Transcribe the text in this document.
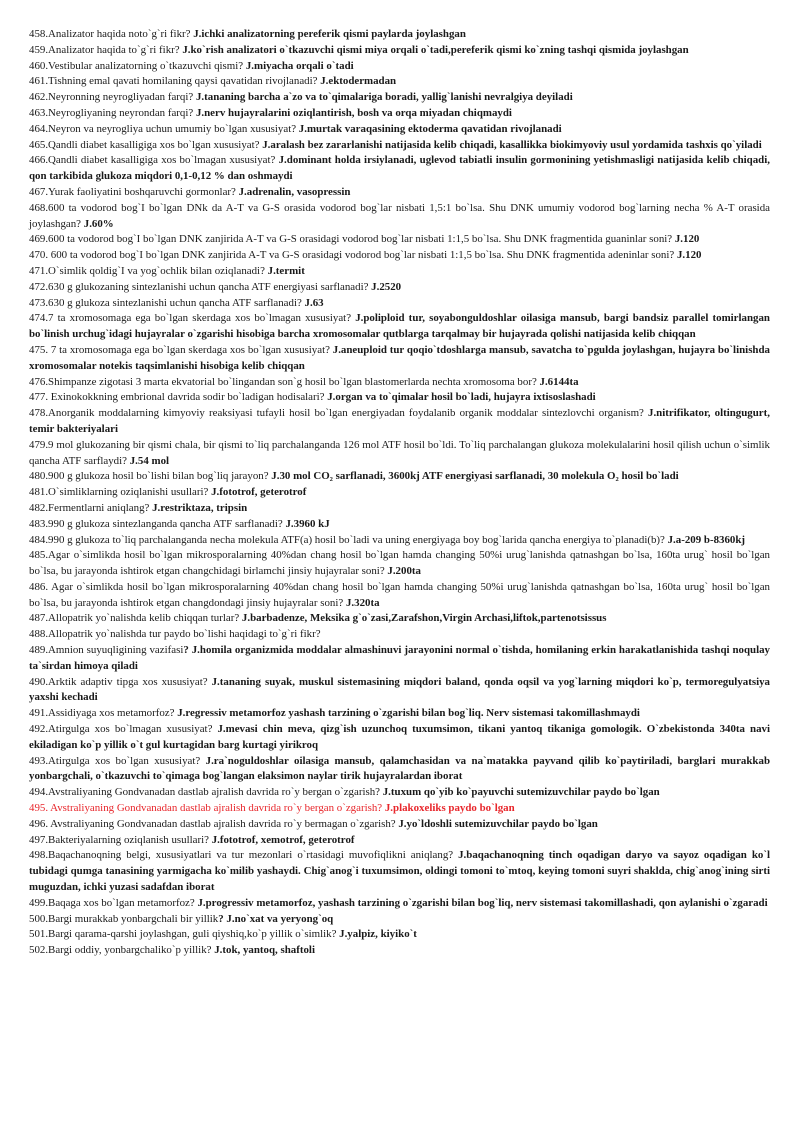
458.Analizator haqida noto`g`ri fikr? J.ichki analizatorning pereferik qismi paylarda joylashgan

459.Analizator haqida to`g`ri fikr? J.ko`rish analizatori o`tkazuvchi qismi miya orqali o`tadi,pereferik qismi ko`zning tashqi qismida joylashgan

460.Vestibular analizatorning o`tkazuvchi qismi? J.miyacha orqali o`tadi

461.Tishning emal qavati homilaning qaysi qavatidan rivojlanadi? J.ektodermadan

462.Neyronning neyrogliyadan farqi? J.tananing barcha a`zo va to`qimalariga boradi, yallig`lanishi nevralgiya deyiladi

463.Neyrogliyaning neyrondan farqi? J.nerv hujayralarini oziqlantirish, bosh va orqa miyadan chiqmaydi

464.Neyron va neyrogliya uchun umumiy bo`lgan xususiyat? J.murtak varaqasining ektoderma qavatidan rivojlanadi

465.Qandli diabet kasalligiga xos bo`lgan xususiyat? J.aralash bez zararlanishi natijasida kelib chiqadi, kasallikka biokimyoviy usul yordamida tashxis qo`yiladi

466.Qandli diabet kasalligiga xos bo`lmagan xususiyat? J.dominant holda irsiylanadi, uglevod tabiatli insulin gormonining yetishmasligi natijasida kelib chiqadi, qon tarkibida glukoza miqdori 0,1-0,12 % dan oshmaydi

467.Yurak faoliyatini boshqaruvchi gormonlar? J.adrenalin, vasopressin

468.600 ta vodorod bog`I bo`lgan DNk da A-T va G-S orasida vodorod bog`lar nisbati 1,5:1 bo`lsa. Shu DNK umumiy vodorod bog`larning necha % A-T orasida joylashgan? J.60%

469.600 ta vodorod bog`I bo`lgan DNK zanjirida A-T va G-S orasidagi vodorod bog`lar nisbati 1:1,5 bo`lsa. Shu DNK fragmentida guaninlar soni? J.120

470. 600 ta vodorod bog`I bo`lgan DNK zanjirida A-T va G-S orasidagi vodorod bog`lar nisbati 1:1,5 bo`lsa. Shu DNK fragmentida adeninlar soni? J.120

471.O`simlik qoldig`I va yog`ochlik bilan oziqlanadi? J.termit

472.630 g glukozaning sintezlanishi uchun qancha ATF energiyasi sarflanadi? J.2520

473.630 g glukoza sintezlanishi uchun qancha ATF sarflanadi? J.63

474.7 ta xromosomaga ega bo`lgan skerdaga xos bo`lmagan xususiyat? J.poliploid tur, soyabonguldoshlar oilasiga mansub, bargi bandsiz parallel tomirlangan bo`linish urchug`idagi hujayralar o`zgarishi hisobiga barcha xromosomalar qutblarga tarqalmay bir hujayrada qolishi natijasida kelib chiqqan

475. 7 ta xromosomaga ega bo`lgan skerdaga xos bo`lgan xususiyat? J.aneuploid tur qoqio`tdoshlarga mansub, savatcha to`pgulda joylashgan, hujayra bo`linishda xromosomalar notekis taqsimlanishi hisobiga kelib chiqqan

476.Shimpanze zigotasi 3 marta ekvatorial bo`lingandan son`g hosil bo`lgan blastomerlarda nechta xromosoma bor? J.6144ta

477. Exinokokkning embrional davrida sodir bo`ladigan hodisalari? J.organ va to`qimalar hosil bo`ladi, hujayra ixtisoslashadi

478.Anorganik moddalarning kimyoviy reaksiyasi tufayli hosil bo`lgan energiyadan foydalanib organik moddalar sintezlovchi organism? J.nitrifikator, oltingugurt, temir bakteriyalari

479.9 mol glukozaning bir qismi chala, bir qismi to`liq parchalanganda 126 mol ATF hosil bo`ldi. To`liq parchalangan glukoza molekulalarini hosil qilish uchun o`simlik qancha ATF sarflaydi? J.54 mol

480.900 g glukoza hosil bo`lishi bilan bog`liq jarayon? J.30 mol CO₂ sarflanadi, 3600kj ATF energiyasi sarflanadi, 30 molekula O₂ hosil bo`ladi

481.O`simliklarning oziqlanishi usullari? J.fototrof, geterotrof

482.Fermentlarni aniqlang? J.restriktaza, tripsin

483.990 g glukoza sintezlanganda qancha ATF sarflanadi? J.3960 kJ

484.990 g glukoza to`liq parchalanganda necha molekula ATF(a) hosil bo`ladi va uning energiyaga boy bog`larida qancha energiya to`planadi(b)? J.a-209 b-8360kj

485.Agar o`simlikda hosil bo`lgan mikrosporalarning 40%dan chang hosil bo`lgan hamda changing 50%i urug`lanishda qatnashgan bo`lsa, 160ta urug` hosil bo`lgan bo`lsa, bu jarayonda ishtirok etgan changchidagi birlamchi jinsiy hujayralar soni? J.200ta

486. Agar o`simlikda hosil bo`lgan mikrosporalarning 40%dan chang hosil bo`lgan hamda changing 50%i urug`lanishda qatnashgan bo`lsa, 160ta urug` hosil bo`lgan bo`lsa, bu jarayonda ishtirok etgan changdondagi jinsiy hujayralar soni? J.320ta

487.Allopatrik yo`nalishda kelib chiqqan turlar? J.barbadenze, Meksika g`o`zasi,Zarafshon,Virgin Archasi,liftok,partenotsissus

488.Allopatrik yo`nalishda tur paydo bo`lishi haqidagi to`g`ri fikr?

489.Amnion suyuqligining vazifasi? J.homila organizmida moddalar almashinuvi jarayonini normal o`tishda, homilaning erkin harakatlanishida tashqi noqulay ta`sirdan himoya qiladi

490.Arktik adaptiv tipga xos xususiyat? J.tananing suyak, muskul sistemasining miqdori baland, qonda oqsil va yog`larning miqdori ko`p, termoregulyatsiya yaxshi kechadi

491.Assidiyaga xos metamorfoz? J.regressiv metamorfoz yashash tarzining o`zgarishi bilan bog`liq. Nerv sistemasi takomillashmaydi

492.Atirgulga xos bo`lmagan xususiyat? J.mevasi chin meva, qizg`ish uzunchoq tuxumsimon, tikani yantoq tikaniga gomologik. O`zbekistonda 340ta navi ekiladigan ko`p yillik o`t gul kurtagidan barg kurtagi yirikroq

493.Atirgulga xos bo`lgan xususiyat? J.ra`noguldoshlar oilasiga mansub, qalamchasidan va na`matakka payvand qilib ko`paytiriladi, barglari murakkab yonbargchali, o`tkazuvchi to`qimaga bog`langan elaksimon naylar tirik hujayralardan iborat

494.Avstraliyaning Gondvanadan dastlab ajralish davrida ro`y bergan o`zgarish? J.tuxum qo`yib ko`payuvchi sutemizuvchilar paydo bo`lgan

495. Avstraliyaning Gondvanadan dastlab ajralish davrida ro`y bergan o`zgarish? J.plakoxeliks paydo bo`lgan

496. Avstraliyaning Gondvanadan dastlab ajralish davrida ro`y bermagan o`zgarish? J.yo`ldoshli sutemizuvchilar paydo bo`lgan

497.Bakteriyalarning oziqlanish usullari? J.fototrof, xemotrof, geterotrof

498.Baqachanoqning belgi, xususiyatlari va tur mezonlari o`rtasidagi muvofiqlikni aniqlang? J.baqachanoqning tinch oqadigan daryo va sayoz oqadigan ko`l tubidagi qumga tanasining yarmigacha ko`milib yashaydi. Chig`anog`i tuxumsimon, oldingi tomoni to`mtoq, keying tomoni suyri shaklda, chig`anog`ining sirti muguzdan, ichki yuzasi sadafdan iborat

499.Baqaga xos bo`lgan metamorfoz? J.progressiv metamorfoz, yashash tarzining o`zgarishi bilan bog`liq, nerv sistemasi takomillashadi, qon aylanishi o`zgaradi

500.Bargi murakkab yonbargchali bir yillik? J.no`xat va yeryong`oq

501.Bargi qarama-qarshi joylashgan, guli qiyshiq,ko`p yillik o`simlik? J.yalpiz, kiyiko`t

502.Bargi oddiy, yonbargchaliko`p yillik? J.tok, yantoq, shaftoli
